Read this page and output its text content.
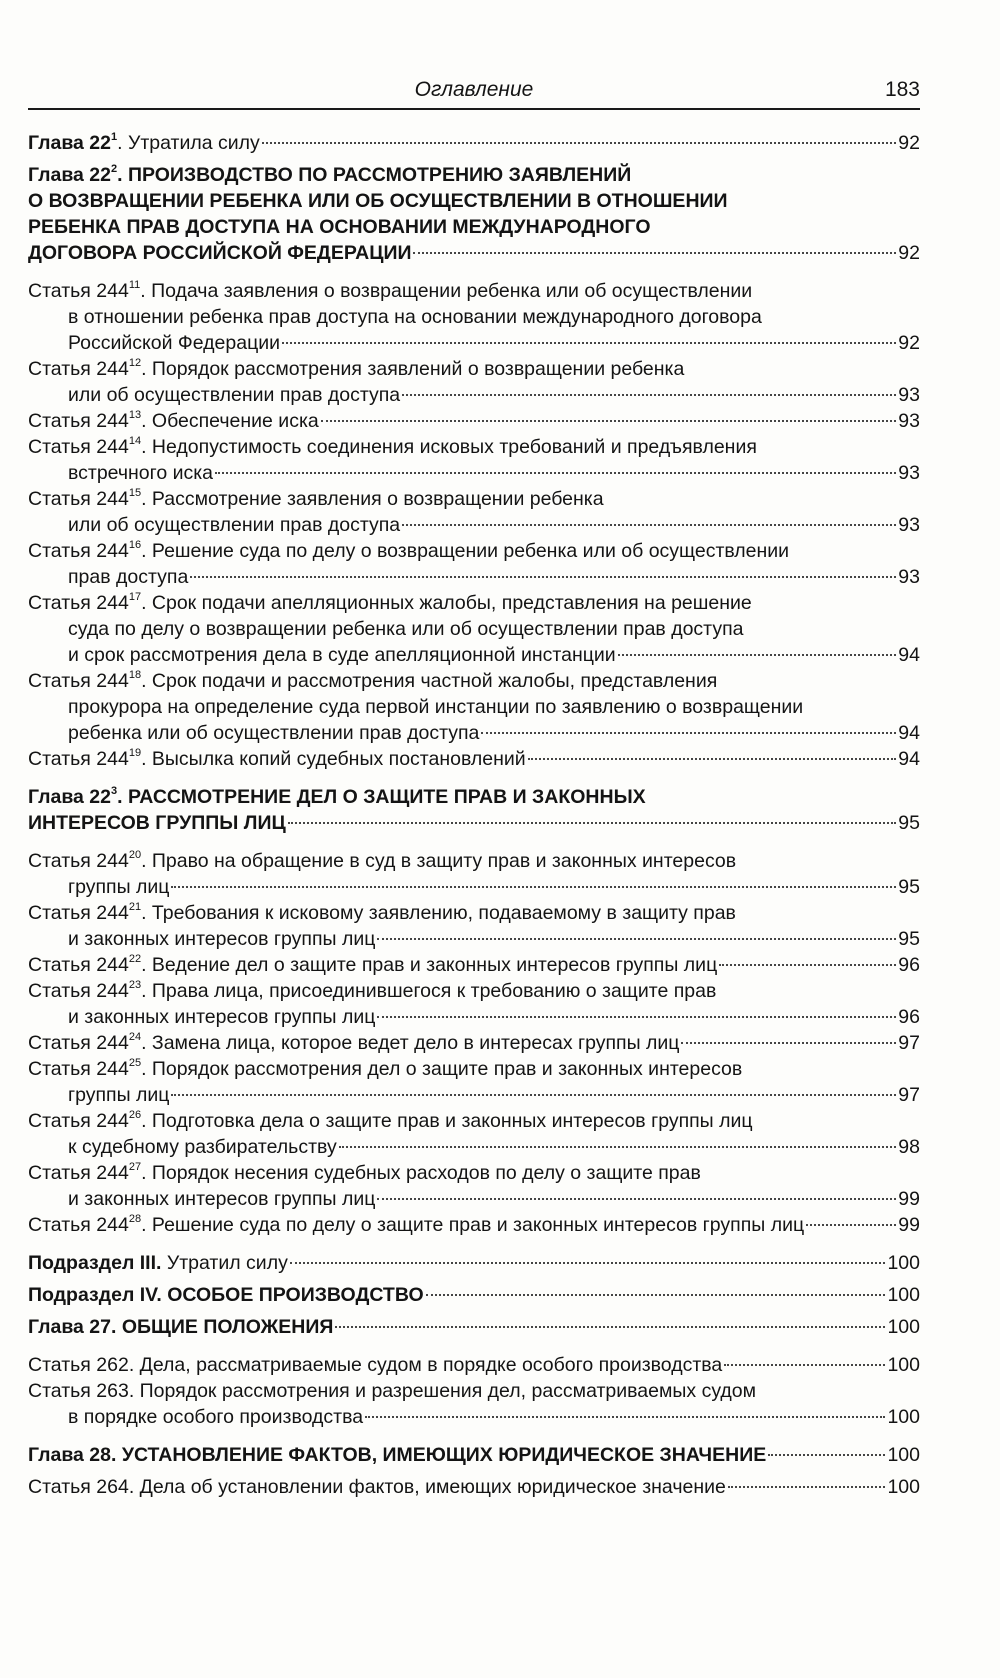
Оглавление	183
Глава $22^1$. Утратила силу	92
Глава $22^2$. ПРОИЗВОДСТВО ПО РАССМОТРЕНИЮ ЗАЯВЛЕНИЙ
О ВОЗВРАЩЕНИИ РЕБЕНКА ИЛИ ОБ ОСУЩЕСТВЛЕНИИ В ОТНОШЕНИИ
РЕБЕНКА ПРАВ ДОСТУПА НА ОСНОВАНИИ МЕЖДУНАРОДНОГО
ДОГОВОРА РОССИЙСКОЙ ФЕДЕРАЦИИ	92
Статья $244^{11}$. Подача заявления о возвращении ребенка или об осуществлении
в отношении ребенка прав доступа на основании международного договора
Российской Федерации	92
Статья $244^{12}$. Порядок рассмотрения заявлений о возвращении ребенка
или об осуществлении прав доступа	93
Статья $244^{13}$. Обеспечение иска	93
Статья $244^{14}$. Недопустимость соединения исковых требований и предъявления
встречного иска	93
Статья $244^{15}$. Рассмотрение заявления о возвращении ребенка
или об осуществлении прав доступа	93
Статья $244^{16}$. Решение суда по делу о возвращении ребенка или об осуществлении
прав доступа	93
Статья $244^{17}$. Срок подачи апелляционных жалобы, представления на решение
суда по делу о возвращении ребенка или об осуществлении прав доступа
и срок рассмотрения дела в суде апелляционной инстанции	94
Статья $244^{18}$. Срок подачи и рассмотрения частной жалобы, представления
прокурора на определение суда первой инстанции по заявлению о возвращении
ребенка или об осуществлении прав доступа	94
Статья $244^{19}$. Высылка копий судебных постановлений	94
Глава $22^3$. РАССМОТРЕНИЕ ДЕЛ О ЗАЩИТЕ ПРАВ И ЗАКОННЫХ
ИНТЕРЕСОВ ГРУППЫ ЛИЦ	95
Статья $244^{20}$. Право на обращение в суд в защиту прав и законных интересов
группы лиц	95
Статья $244^{21}$. Требования к исковому заявлению, подаваемому в защиту прав
и законных интересов группы лиц	95
Статья $244^{22}$. Ведение дел о защите прав и законных интересов группы лиц	96
Статья $244^{23}$. Права лица, присоединившегося к требованию о защите прав
и законных интересов группы лиц	96
Статья $244^{24}$. Замена лица, которое ведет дело в интересах группы лиц	97
Статья $244^{25}$. Порядок рассмотрения дел о защите прав и законных интересов
группы лиц	97
Статья $244^{26}$. Подготовка дела о защите прав и законных интересов группы лиц
к судебному разбирательству	98
Статья $244^{27}$. Порядок несения судебных расходов по делу о защите прав
и законных интересов группы лиц	99
Статья $244^{28}$. Решение суда по делу о защите прав и законных интересов группы лиц	99
Подраздел III. Утратил силу	100
Подраздел IV. ОСОБОЕ ПРОИЗВОДСТВО	100
Глава 27. ОБЩИЕ ПОЛОЖЕНИЯ	100
Статья 262. Дела, рассматриваемые судом в порядке особого производства	100
Статья 263. Порядок рассмотрения и разрешения дел, рассматриваемых судом
в порядке особого производства	100
Глава 28. УСТАНОВЛЕНИЕ ФАКТОВ, ИМЕЮЩИХ ЮРИДИЧЕСКОЕ ЗНАЧЕНИЕ	100
Статья 264. Дела об установлении фактов, имеющих юридическое значение	100
